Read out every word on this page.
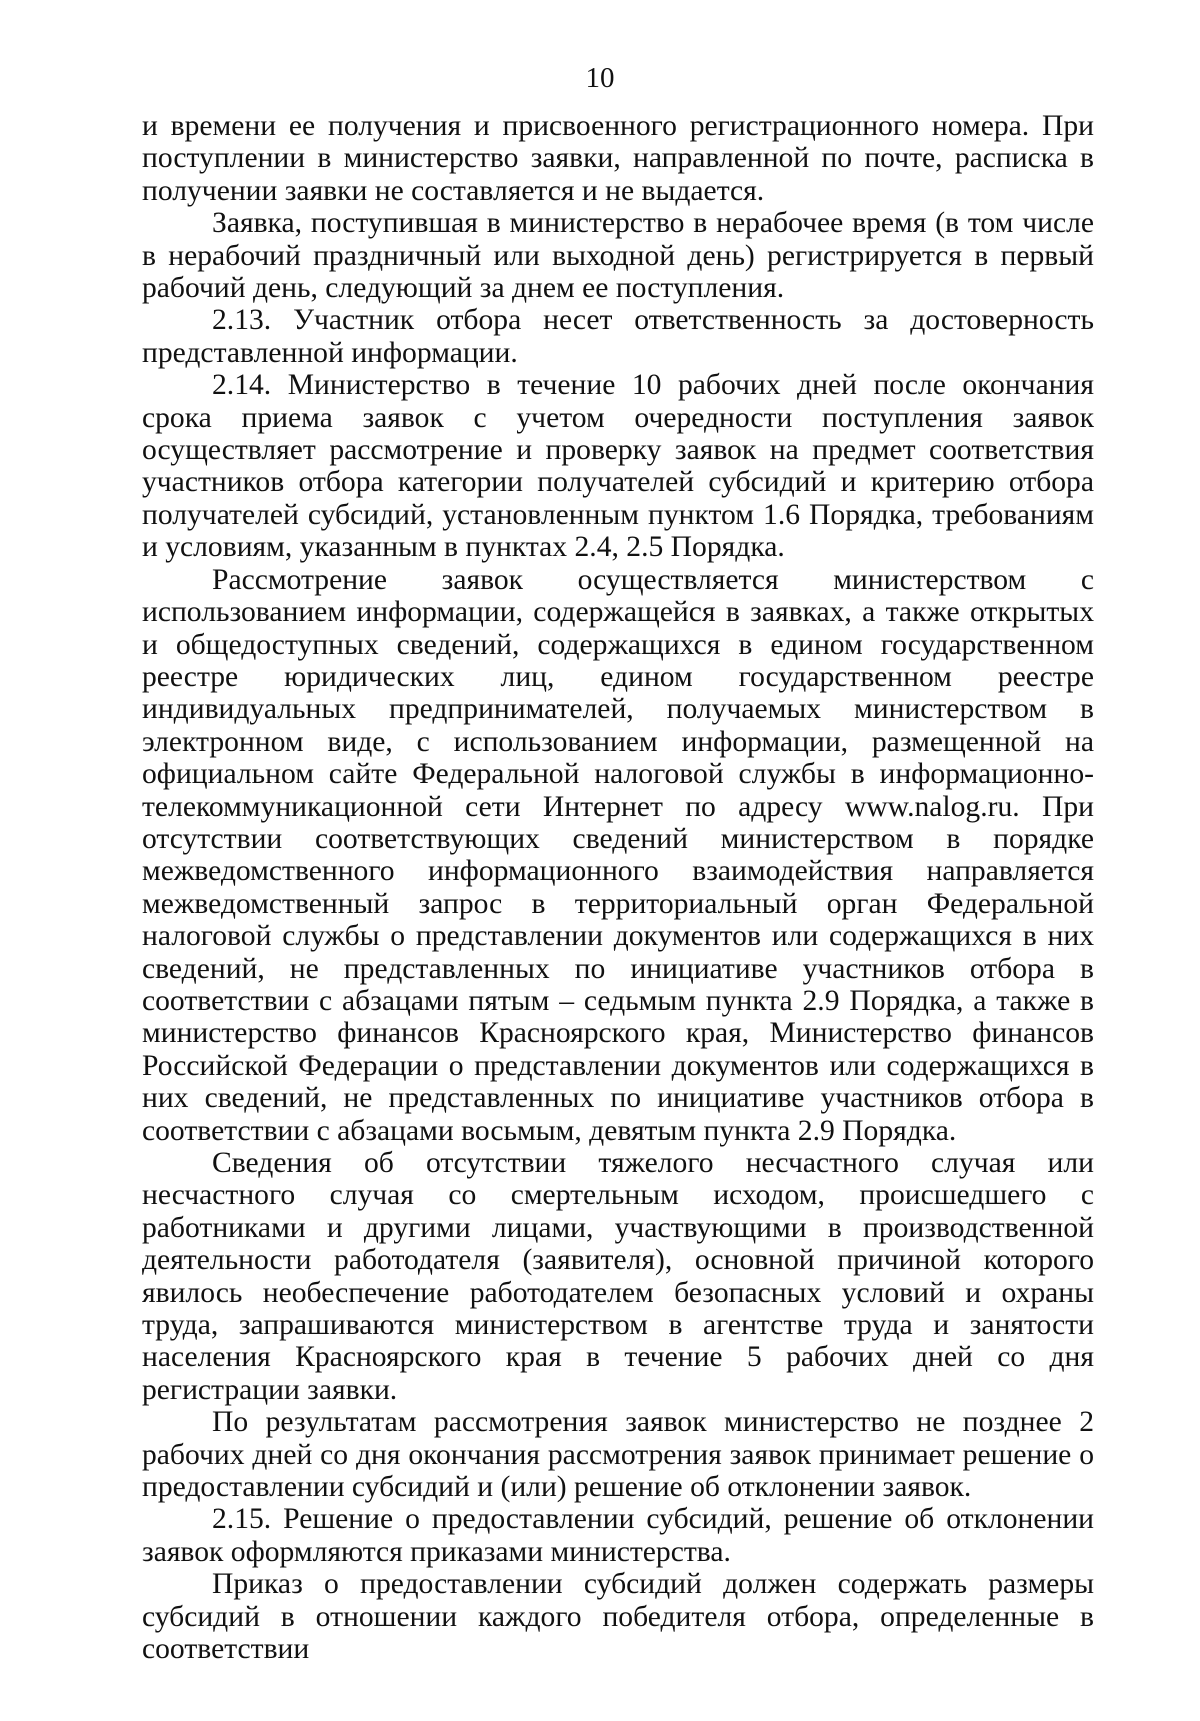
10

и времени ее получения и присвоенного регистрационного номера. При поступлении в министерство заявки, направленной по почте, расписка в получении заявки не составляется и не выдается.

Заявка, поступившая в министерство в нерабочее время (в том числе в нерабочий праздничный или выходной день) регистрируется в первый рабочий день, следующий за днем ее поступления.

2.13. Участник отбора несет ответственность за достоверность представленной информации.

2.14. Министерство в течение 10 рабочих дней после окончания срока приема заявок с учетом очередности поступления заявок осуществляет рассмотрение и проверку заявок на предмет соответствия участников отбора категории получателей субсидий и критерию отбора получателей субсидий, установленным пунктом 1.6 Порядка, требованиям и условиям, указанным в пунктах 2.4, 2.5 Порядка.

Рассмотрение заявок осуществляется министерством с использованием информации, содержащейся в заявках, а также открытых и общедоступных сведений, содержащихся в едином государственном реестре юридических лиц, едином государственном реестре индивидуальных предпринимателей, получаемых министерством в электронном виде, с использованием информации, размещенной на официальном сайте Федеральной налоговой службы в информационно-телекоммуникационной сети Интернет по адресу www.nalog.ru. При отсутствии соответствующих сведений министерством в порядке межведомственного информационного взаимодействия направляется межведомственный запрос в территориальный орган Федеральной налоговой службы о представлении документов или содержащихся в них сведений, не представленных по инициативе участников отбора в соответствии с абзацами пятым – седьмым пункта 2.9 Порядка, а также в министерство финансов Красноярского края, Министерство финансов Российской Федерации о представлении документов или содержащихся в них сведений, не представленных по инициативе участников отбора в соответствии с абзацами восьмым, девятым пункта 2.9 Порядка.

Сведения об отсутствии тяжелого несчастного случая или несчастного случая со смертельным исходом, происшедшего с работниками и другими лицами, участвующими в производственной деятельности работодателя (заявителя), основной причиной которого явилось необеспечение работодателем безопасных условий и охраны труда, запрашиваются министерством в агентстве труда и занятости населения Красноярского края в течение 5 рабочих дней со дня регистрации заявки.

По результатам рассмотрения заявок министерство не позднее 2 рабочих дней со дня окончания рассмотрения заявок принимает решение о предоставлении субсидий и (или) решение об отклонении заявок.

2.15. Решение о предоставлении субсидий, решение об отклонении заявок оформляются приказами министерства.

Приказ о предоставлении субсидий должен содержать размеры субсидий в отношении каждого победителя отбора, определенные в соответствии
